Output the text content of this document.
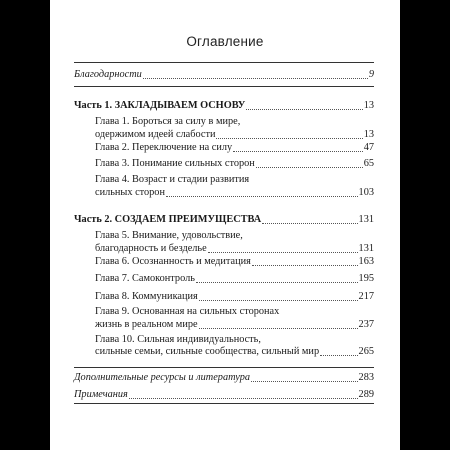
Оглавление
Благодарности	9
Часть 1. ЗАКЛАДЫВАЕМ ОСНОВУ	13
Глава 1. Бороться за силу в мире,
одержимом идеей слабости	13
Глава 2. Переключение на силу	47
Глава 3. Понимание сильных сторон	65
Глава 4. Возраст и стадии развития
сильных сторон	103
Часть 2. СОЗДАЕМ ПРЕИМУЩЕСТВА	131
Глава 5. Внимание, удовольствие,
благодарность и безделье	131
Глава 6. Осознанность и медитация	163
Глава 7. Самоконтроль	195
Глава 8. Коммуникация	217
Глава 9. Основанная на сильных сторонах
жизнь в реальном мире	237
Глава 10. Сильная индивидуальность,
сильные семьи, сильные сообщества, сильный мир	265
Дополнительные ресурсы и литература	283
Примечания	289
